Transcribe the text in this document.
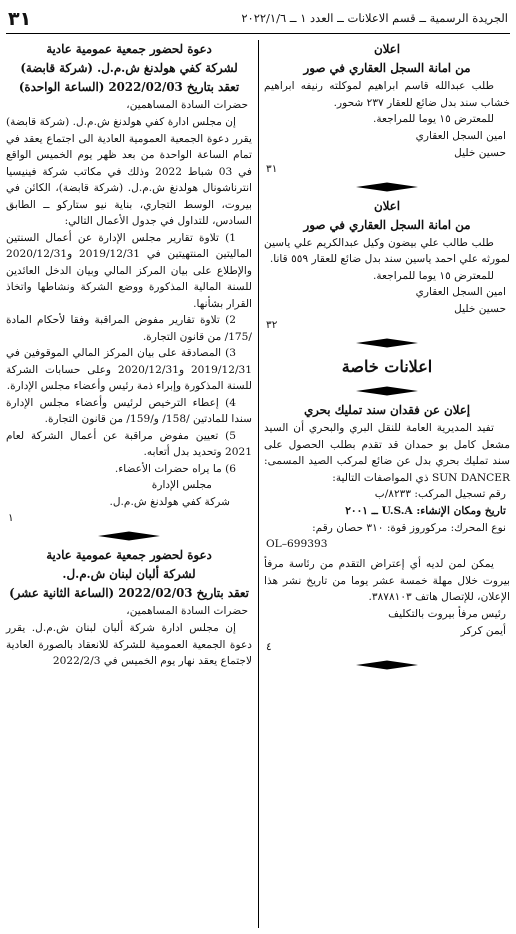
الجريدة الرسمية ــ قسم الاعلانات ــ العدد ١ ــ ٢٠٢٢/١/٦
٣١
اعلان
من امانة السجل العقاري في صور

طلب عبدالله قاسم ابراهيم لموكلته رنيفه ابراهيم خشاب سند بدل ضائع للعقار ٢٣٧ شحور.

للمعترض ١٥ يوما للمراجعة.

امين السجل العقاري
حسين خليل
٣١
اعلان
من امانة السجل العقاري في صور

طلب طالب علي بيضون وكيل عبدالكريم علي ياسين لمورثه علي احمد ياسين سند بدل ضائع للعقار ٥٥٩ قانا.

للمعترض ١٥ يوما للمراجعة.

امين السجل العقاري
حسين خليل
٣٢
اعلانات خاصة
إعلان عن فقدان سند تمليك بحري

تفيد المديرية العامة للنقل البري والبحري أن السيد مشعل كامل بو حمدان قد تقدم بطلب الحصول على سند تمليك بحري بدل عن ضائع لمركب الصيد المسمى: SUN DANCER ذي المواصفات التالية:

رقم تسجيل المركب: ٨٢٣٣/ب
تاريخ ومكان الإنشاء: U.S.A ــ ٢٠٠١
نوع المحرك: مركوروز قوة: ٣١٠ حصان رقم:
OL–699393

يمكن لمن لديه أي إعتراض التقدم من رئاسة مرفأ بيروت خلال مهلة خمسة عشر يوما من تاريخ نشر هذا الإعلان، للإتصال هاتف ٣٨٧٨١٠٣.

رئيس مرفأ بيروت بالتكليف
أيمن كركر
٤
دعوة لحضور جمعية عمومية عادية
لشركة كفي هولدنغ ش.م.ل. (شركة قابضة)
تعقد بتاريخ 2022/02/03 (الساعة الواحدة)
حضرات السادة المساهمين،

إن مجلس ادارة كفي هولدنغ ش.م.ل. (شركة قابضة) يقرر دعوة الجمعية العمومية العادية الى اجتماع يعقد في تمام الساعة الواحدة من بعد ظهر يوم الخميس الواقع في 03 شباط 2022 وذلك في مكاتب شركة فينيسيا انترناشونال هولدنغ ش.م.ل. (شركة قابضة)، الكائن في بيروت، الوسط التجاري، بناية نيو ستاركو ــ الطابق السادس، للتداول في جدول الأعمال التالي:

1) تلاوة تقارير مجلس الإدارة عن أعمال السنتين الماليتين المنتهيتين في 2019/12/31 و2020/12/31 والإطلاع على بيان المركز المالي وبيان الدخل العائدين للسنة المالية المذكورة ووضع الشركة ونشاطها واتخاذ القرار بشأنها.

2) تلاوة تقارير مفوض المراقبة وفقا لأحكام المادة /175/ من قانون التجارة.

3) المصادقة على بيان المركز المالي الموقوفين في 2019/12/31 و2020/12/31 وعلى حسابات الشركة للسنة المذكورة وإبراء ذمة رئيس وأعضاء مجلس الإدارة.

4) إعطاء الترخيص لرئيس وأعضاء مجلس الإدارة سندا للمادتين /158/ و/159/ من قانون التجارة.

5) تعيين مفوض مراقبة عن أعمال الشركة لعام 2021 وتحديد بدل أتعابه.

6) ما يراه حضرات الأعضاء.

مجلس الإدارة
شركة كفي هولدنغ ش.م.ل.
١
دعوة لحضور جمعية عمومية عادية
لشركة ألبان لبنان ش.م.ل.
تعقد بتاريخ 2022/02/03 (الساعة الثانية عشر)
حضرات السادة المساهمين،

إن مجلس ادارة شركة ألبان لبنان ش.م.ل. يقرر دعوة الجمعية العمومية للشركة للانعقاد بالصورة العادية لاجتماع يعقد نهار يوم الخميس في 2022/2/3
